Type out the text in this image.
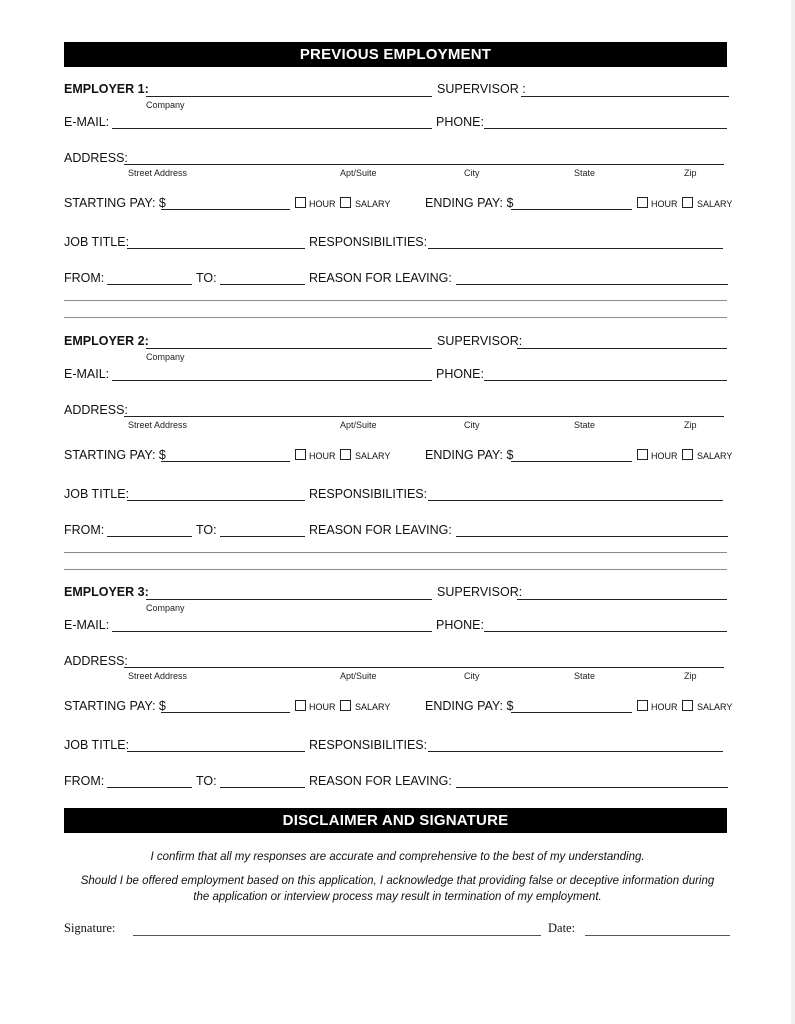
PREVIOUS EMPLOYMENT
EMPLOYER 1:
Company
SUPERVISOR :
E-MAIL:	PHONE:
ADDRESS:
Street Address	Apt/Suite	City	State	Zip
STARTING PAY: $	HOUR SALARY	ENDING PAY: $	HOUR SALARY
JOB TITLE:	RESPONSIBILITIES:
FROM:	TO:	REASON FOR LEAVING:
EMPLOYER 2:
Company
SUPERVISOR:
E-MAIL:	PHONE:
ADDRESS:
Street Address	Apt/Suite	City	State	Zip
STARTING PAY: $	HOUR SALARY	ENDING PAY: $	HOUR SALARY
JOB TITLE:	RESPONSIBILITIES:
FROM:	TO:	REASON FOR LEAVING:
EMPLOYER 3:
Company
SUPERVISOR:
E-MAIL:	PHONE:
ADDRESS:
Street Address	Apt/Suite	City	State	Zip
STARTING PAY: $	HOUR SALARY	ENDING PAY: $	HOUR SALARY
JOB TITLE:	RESPONSIBILITIES:
FROM:	TO:	REASON FOR LEAVING:
DISCLAIMER AND SIGNATURE
I confirm that all my responses are accurate and comprehensive to the best of my understanding.
Should I be offered employment based on this application, I acknowledge that providing false or deceptive information during
the application or interview process may result in termination of my employment.
Signature:	Date:
